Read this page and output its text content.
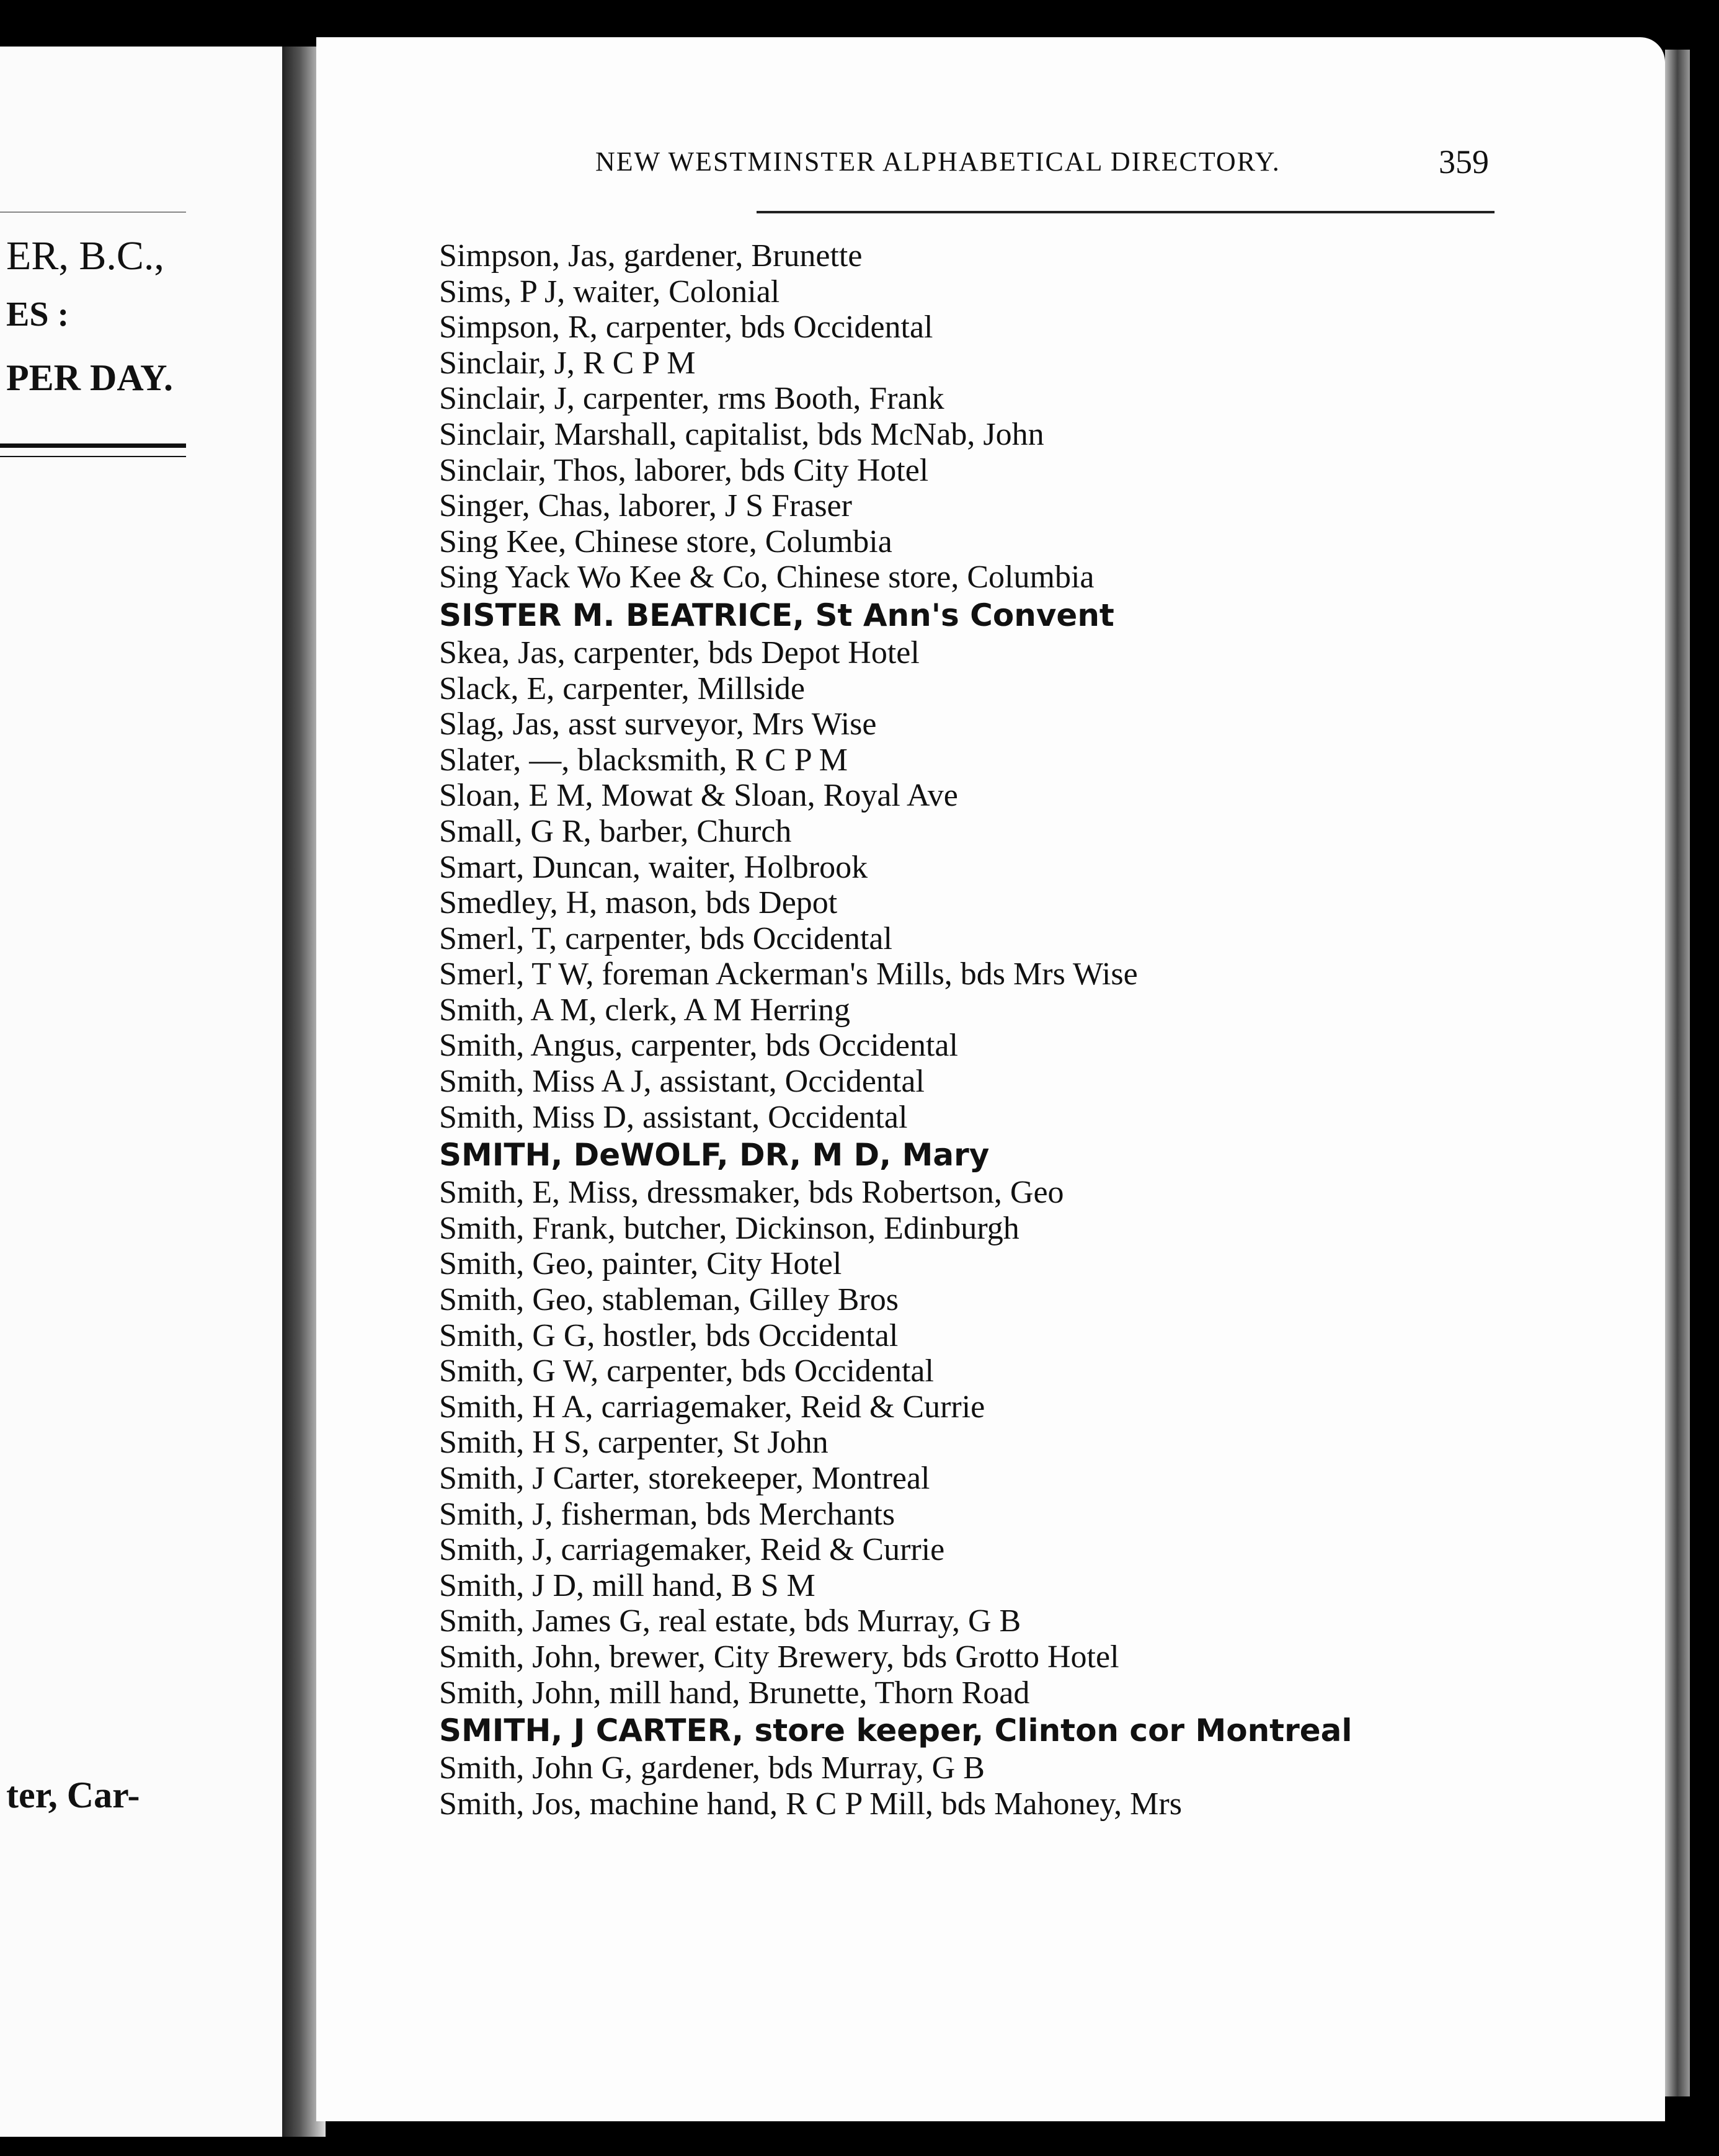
ER, B.C.,
ES :
PER DAY.
ter, Car-
NEW WESTMINSTER ALPHABETICAL DIRECTORY.	359
Simpson, Jas, gardener, Brunette
Sims, P J, waiter, Colonial
Simpson, R, carpenter, bds Occidental
Sinclair, J, R C P M
Sinclair, J, carpenter, rms Booth, Frank
Sinclair, Marshall, capitalist, bds McNab, John
Sinclair, Thos, laborer, bds City Hotel
Singer, Chas, laborer, J S Fraser
Sing Kee, Chinese store, Columbia
Sing Yack Wo Kee & Co, Chinese store, Columbia
SISTER M. BEATRICE, St Ann's Convent
Skea, Jas, carpenter, bds Depot Hotel
Slack, E, carpenter, Millside
Slag, Jas, asst surveyor, Mrs Wise
Slater, —, blacksmith, R C P M
Sloan, E M, Mowat & Sloan, Royal Ave
Small, G R, barber, Church
Smart, Duncan, waiter, Holbrook
Smedley, H, mason, bds Depot
Smerl, T, carpenter, bds Occidental
Smerl, T W, foreman Ackerman's Mills, bds Mrs Wise
Smith, A M, clerk, A M Herring
Smith, Angus, carpenter, bds Occidental
Smith, Miss A J, assistant, Occidental
Smith, Miss D, assistant, Occidental
SMITH, DeWOLF, DR, M D, Mary
Smith, E, Miss, dressmaker, bds Robertson, Geo
Smith, Frank, butcher, Dickinson, Edinburgh
Smith, Geo, painter, City Hotel
Smith, Geo, stableman, Gilley Bros
Smith, G G, hostler, bds Occidental
Smith, G W, carpenter, bds Occidental
Smith, H A, carriagemaker, Reid & Currie
Smith, H S, carpenter, St John
Smith, J Carter, storekeeper, Montreal
Smith, J, fisherman, bds Merchants
Smith, J, carriagemaker, Reid & Currie
Smith, J D, mill hand, B S M
Smith, James G, real estate, bds Murray, G B
Smith, John, brewer, City Brewery, bds Grotto Hotel
Smith, John, mill hand, Brunette, Thorn Road
SMITH, J CARTER, store keeper, Clinton cor Montreal
Smith, John G, gardener, bds Murray, G B
Smith, Jos, machine hand, R C P Mill, bds Mahoney, Mrs
